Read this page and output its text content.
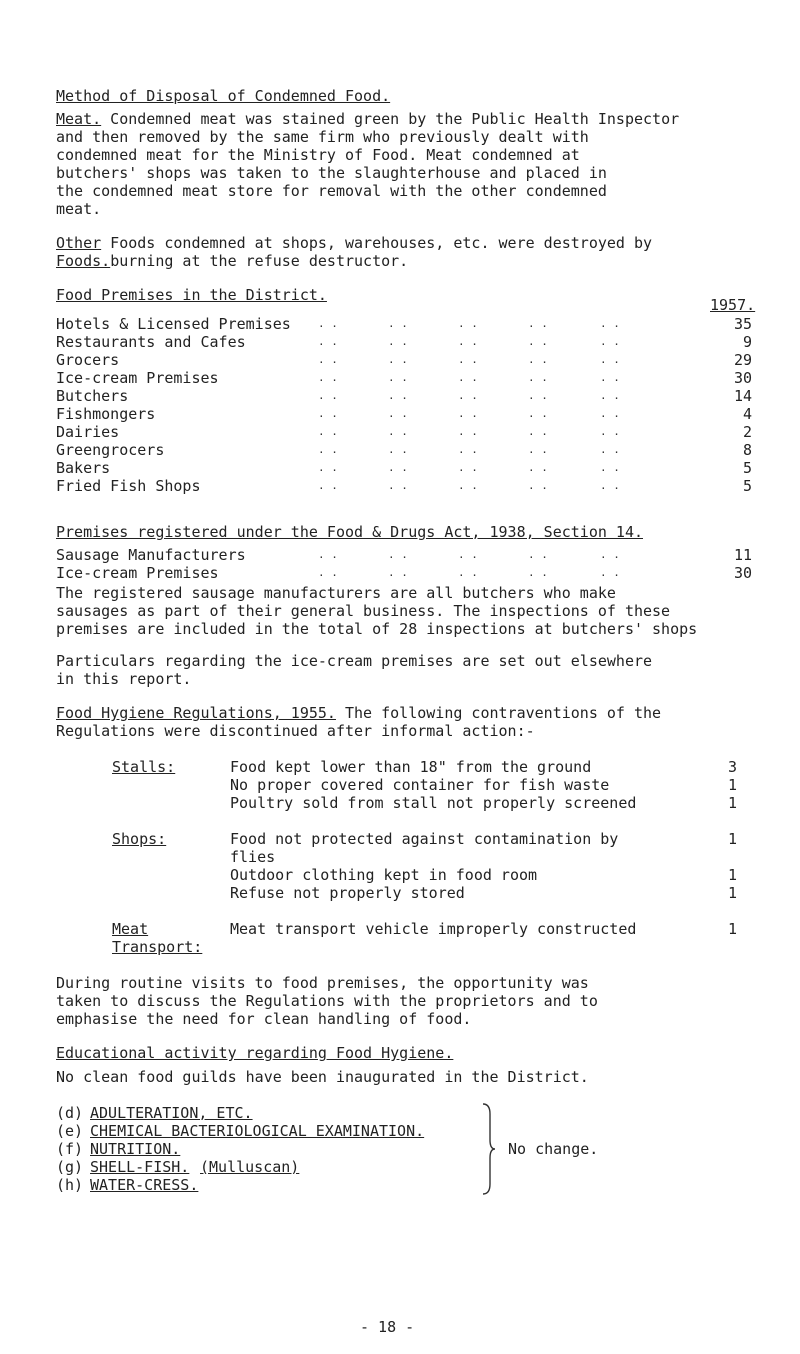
Method of Disposal of Condemned Food.
Meat. Condemned meat was stained green by the Public Health Inspector
and then removed by the same firm who previously dealt with
condemned meat for the Ministry of Food. Meat condemned at
butchers' shops was taken to the slaughterhouse and placed in
the condemned meat store for removal with the other condemned
meat.
Other Foods condemned at shops, warehouses, etc. were destroyed by
Foods.burning at the refuse destructor.
Food Premises in the District.
1957.
Hotels & Licensed Premises . .	. .	. .	. .	. .	35
Restaurants and Cafes	. .	. .	. .	. .	. .	9
Grocers	. .	. .	. .	. .	. .	29
Ice-cream Premises	. .	. .	. .	. .	. .	30
Butchers	. .	. .	. .	. .	. .	14
Fishmongers	. .	. .	. .	. .	. .	4
Dairies	. .	. .	. .	. .	. .	2
Greengrocers	. .	. .	. .	. .	. .	8
Bakers	. .	. .	. .	. .	. .	5
Fried Fish Shops	. .	. .	. .	. .	. .	5
Premises registered under the Food & Drugs Act, 1938, Section 14.
Sausage Manufacturers	. .	. .	. .	. .	. .	11
Ice-cream Premises	. .	. .	. .	. .	. .	30
The registered sausage manufacturers are all butchers who make
sausages as part of their general business. The inspections of these
premises are included in the total of 28 inspections at butchers' shops
Particulars regarding the ice-cream premises are set out elsewhere
in this report.
Food Hygiene Regulations, 1955. The following contraventions of the
Regulations were discontinued after informal action:-
Stalls:	Food kept lower than 18" from the ground	3
No proper covered container for fish waste	1
Poultry sold from stall not properly screened	1
Shops:	Food not protected against contamination by	1
flies
Outdoor clothing kept in food room	1
Refuse not properly stored	1
Meat
Transport:
Meat transport vehicle improperly constructed	1
During routine visits to food premises, the opportunity was
taken to discuss the Regulations with the proprietors and to
emphasise the need for clean handling of food.
Educational activity regarding Food Hygiene.
No clean food guilds have been inaugurated in the District.
(d) ADULTERATION, ETC.
(e) CHEMICAL BACTERIOLOGICAL EXAMINATION.
(f) NUTRITION.
(g) SHELL-FISH. (Mulluscan)
(h) WATER-CRESS.
No change.
- 18 -
